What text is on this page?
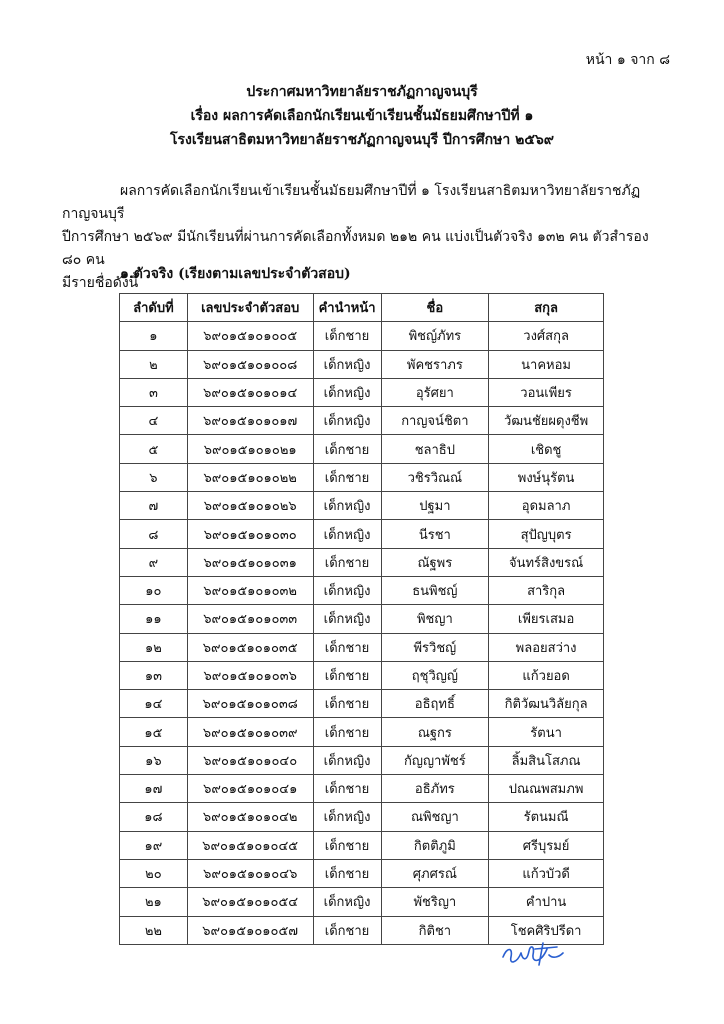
หน้า ๑ จาก ๘
ประกาศมหาวิทยาลัยราชภัฏกาญจนบุรี
เรื่อง ผลการคัดเลือกนักเรียนเข้าเรียนชั้นมัธยมศึกษาปีที่ ๑
โรงเรียนสาธิตมหาวิทยาลัยราชภัฏกาญจนบุรี ปีการศึกษา ๒๕๖๙
ผลการคัดเลือกนักเรียนเข้าเรียนชั้นมัธยมศึกษาปีที่ ๑ โรงเรียนสาธิตมหาวิทยาลัยราชภัฏกาญจนบุรี
ปีการศึกษา ๒๕๖๙ มีนักเรียนที่ผ่านการคัดเลือกทั้งหมด ๒๑๒ คน แบ่งเป็นตัวจริง ๑๓๒ คน ตัวสำรอง ๘๐ คน
มีรายชื่อดังนี้
๑.ตัวจริง (เรียงตามเลขประจำตัวสอบ)
ลำดับที่	เลขประจำตัวสอบ	คำนำหน้า	ชื่อ	สกุล
๑	๖๙๐๑๕๑๐๑๐๐๕	เด็กชาย	พิชญ์ภัทร	วงศ์สกุล
๒	๖๙๐๑๕๑๐๑๐๐๘	เด็กหญิง	พัคชราภร	นาคหอม
๓	๖๙๐๑๕๑๐๑๐๑๔	เด็กหญิง	อุรัศยา	วอนเพียร
๔	๖๙๐๑๕๑๐๑๐๑๗	เด็กหญิง	กาญจน์ชิตา	วัฒนชัยผดุงชีพ
๕	๖๙๐๑๕๑๐๑๐๒๑	เด็กชาย	ชลาธิป	เชิดชู
๖	๖๙๐๑๕๑๐๑๐๒๒	เด็กชาย	วชิรวิณณ์	พงษ์นุรัตน
๗	๖๙๐๑๕๑๐๑๐๒๖	เด็กหญิง	ปฐมา	อุดมลาภ
๘	๖๙๐๑๕๑๐๑๐๓๐	เด็กหญิง	นีรชา	สุปัญบุตร
๙	๖๙๐๑๕๑๐๑๐๓๑	เด็กชาย	ณัฐพร	จันทร์สิงขรณ์
๑๐	๖๙๐๑๕๑๐๑๐๓๒	เด็กหญิง	ธนพิชญ์	สาริกุล
๑๑	๖๙๐๑๕๑๐๑๐๓๓	เด็กหญิง	พิชญา	เพียรเสมอ
๑๒	๖๙๐๑๕๑๐๑๐๓๕	เด็กชาย	พีรวิชญ์	พลอยสว่าง
๑๓	๖๙๐๑๕๑๐๑๐๓๖	เด็กชาย	ฤชุวิญญ์	แก้วยอด
๑๔	๖๙๐๑๕๑๐๑๐๓๘	เด็กชาย	อธิฤทธิ์	กิติวัฒนวิลัยกุล
๑๕	๖๙๐๑๕๑๐๑๐๓๙	เด็กชาย	ณฐกร	รัตนา
๑๖	๖๙๐๑๕๑๐๑๐๔๐	เด็กหญิง	กัญญาพัชร์	ลิ้มสินโสภณ
๑๗	๖๙๐๑๕๑๐๑๐๔๑	เด็กชาย	อธิภัทร	ปณณพสมภพ
๑๘	๖๙๐๑๕๑๐๑๐๔๒	เด็กหญิง	ณพิชญา	รัตนมณี
๑๙	๖๙๐๑๕๑๐๑๐๔๕	เด็กชาย	กิตติภูมิ	ศรีบุรมย์
๒๐	๖๙๐๑๕๑๐๑๐๔๖	เด็กชาย	ศุภศรณ์	แก้วบัวดี
๒๑	๖๙๐๑๕๑๐๑๐๕๔	เด็กหญิง	พัชริญา	คำปาน
๒๒	๖๙๐๑๕๑๐๑๐๕๗	เด็กชาย	กิติชา	โชคศิริปรีดา
